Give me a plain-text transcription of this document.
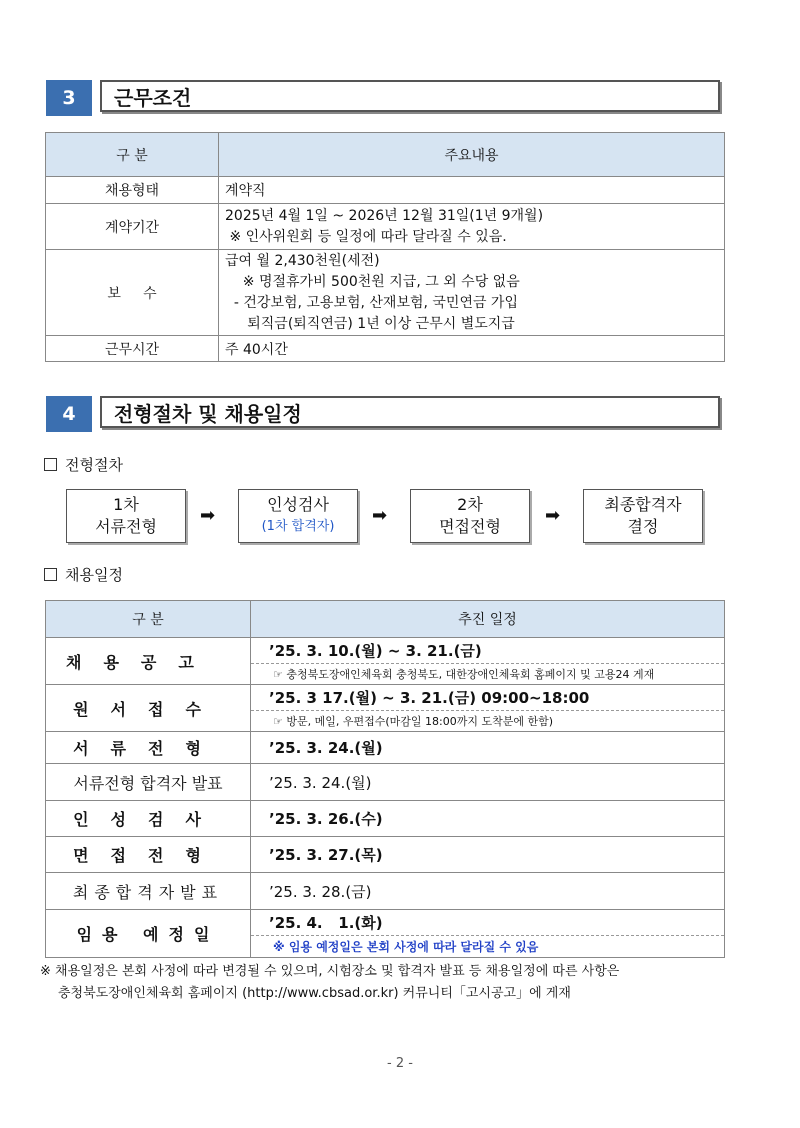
3	근무조건
구 분	주요내용
채용형태	계약직
계약기간	2025년 4월 1일 ~ 2026년 12월 31일(1년 9개월)
※ 인사위원회 등 일정에 따라 달라질 수 있음.

보     수	급여 월 2,430천원(세전)
※ 명절휴가비 500천원 지급, 그 외 수당 없음
- 건강보험, 고용보험, 산재보험, 국민연금 가입
퇴직금(퇴직연금) 1년 이상 근무시 별도지급

근무시간	주 40시간
4	전형절차 및 채용일정
전형절차
1차
서류전형
➡
인성검사
(1차 합격자)
➡
2차
면접전형
➡
최종합격자
결정
채용일정
구 분	추진 일정

채용공고	’25. 3. 10.(월) ~ 3. 21.(금)
☞ 충청북도장애인체육회 충청북도, 대한장애인체육회 홈페이지 및 고용24 게재

원서접수	’25. 3 17.(월) ~ 3. 21.(금) 09:00~18:00
☞ 방문, 메일, 우편접수(마감일 18:00까지 도착분에 한함)

서류전형	’25. 3. 24.(월)
서류전형 합격자 발표	’25. 3. 24.(월)
인성검사	’25. 3. 26.(수)
면접전형	’25. 3. 27.(목)
최종합격자발표	’25. 3. 28.(금)
임용 예정일	’25. 4.   1.(화)
※ 임용 예정일은 본회 사정에 따라 달라질 수 있음
※ 채용일정은 본회 사정에 따라 변경될 수 있으며, 시험장소 및 합격자 발표 등 채용일정에 따른 사항은
충청북도장애인체육회 홈페이지 (http://www.cbsad.or.kr) 커뮤니티「고시공고」에 게재
- 2 -
